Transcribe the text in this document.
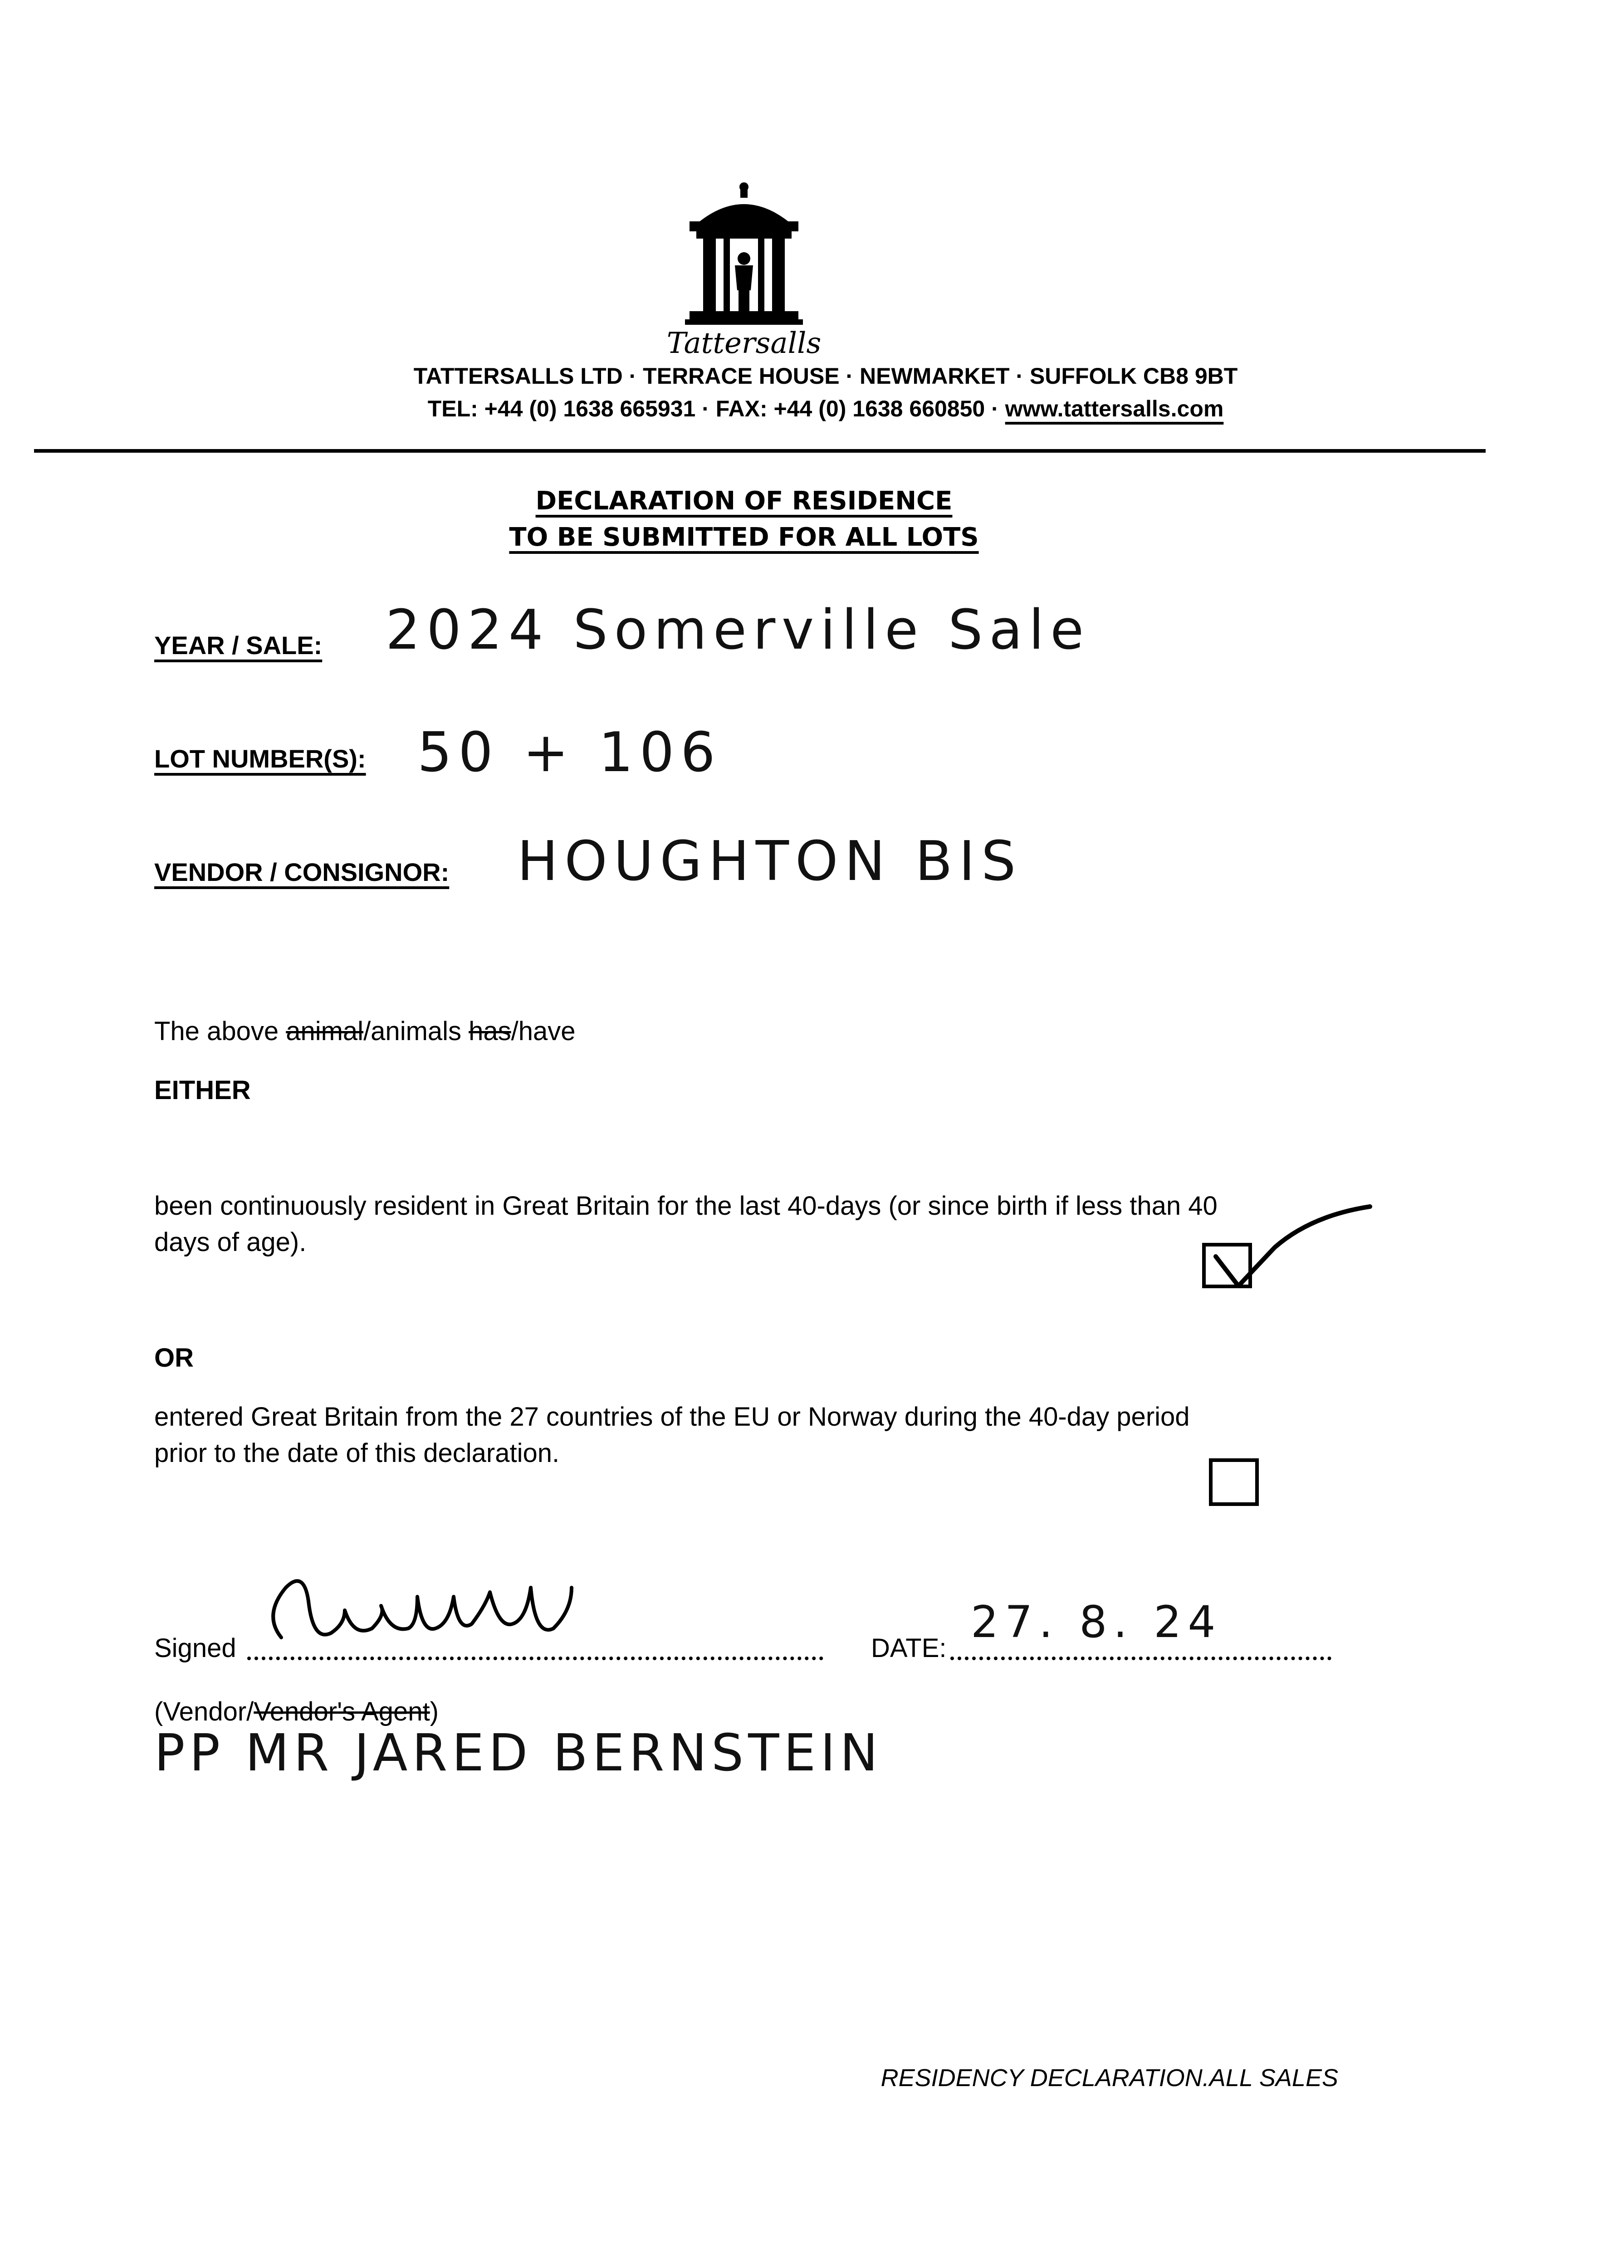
Tattersalls
TATTERSALLS LTD · TERRACE HOUSE · NEWMARKET · SUFFOLK CB8 9BT
TEL: +44 (0) 1638 665931 · FAX: +44 (0) 1638 660850 · www.tattersalls.com
DECLARATION OF RESIDENCE
TO BE SUBMITTED FOR ALL LOTS
YEAR / SALE: 2024 Somerville Sale
LOT NUMBER(S): 50 + 106
VENDOR / CONSIGNOR: HOUGHTON BIS
The above animal/animals has/have
EITHER
been continuously resident in Great Britain for the last 40-days (or since birth if less than 40
days of age).
OR
entered Great Britain from the 27 countries of the EU or Norway during the 40-day period
prior to the date of this declaration.
Signed	DATE:
27. 8. 24
(Vendor/Vendor's Agent)
PP MR JARED BERNSTEIN
RESIDENCY DECLARATION.ALL SALES
